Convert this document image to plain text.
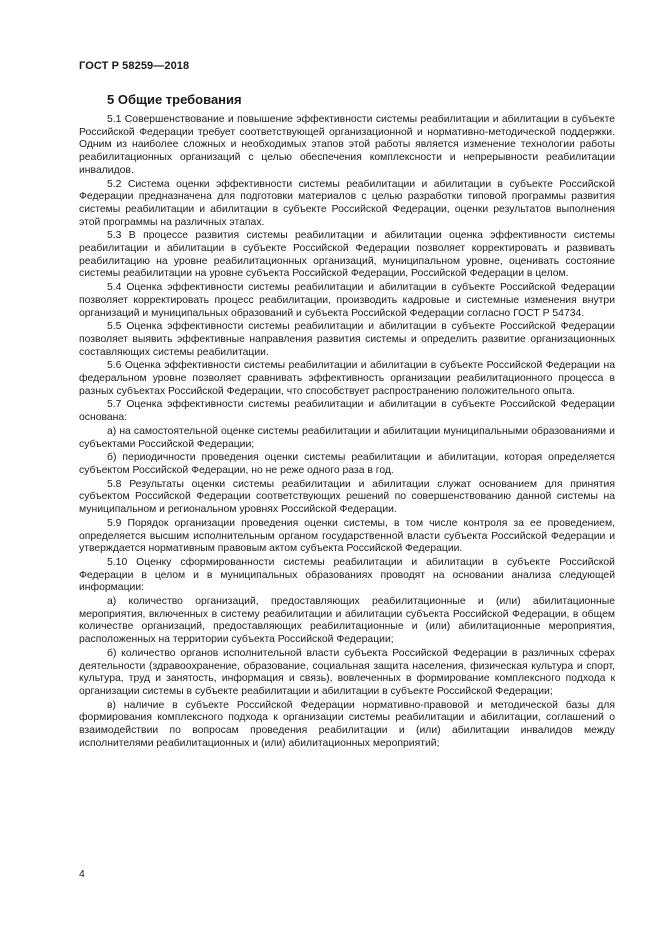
ГОСТ Р 58259—2018
5 Общие требования

5.1 Совершенствование и повышение эффективности системы реабилитации и абилитации в субъекте Российской Федерации требует соответствующей организационной и нормативно-методической поддержки. Одним из наиболее сложных и необходимых этапов этой работы является изменение технологии работы реабилитационных организаций с целью обеспечения комплексности и непрерывности реабилитации инвалидов.

5.2 Система оценки эффективности системы реабилитации и абилитации в субъекте Российской Федерации предназначена для подготовки материалов с целью разработки типовой программы развития системы реабилитации и абилитации в субъекте Российской Федерации, оценки результатов выполнения этой программы на различных этапах.

5.3 В процессе развития системы реабилитации и абилитации оценка эффективности системы реабилитации и абилитации в субъекте Российской Федерации позволяет корректировать и развивать реабилитацию на уровне реабилитационных организаций, муниципальном уровне, оценивать состояние системы реабилитации на уровне субъекта Российской Федерации, Российской Федерации в целом.

5.4 Оценка эффективности системы реабилитации и абилитации в субъекте Российской Федерации позволяет корректировать процесс реабилитации, производить кадровые и системные изменения внутри организаций и муниципальных образований и субъекта Российской Федерации согласно ГОСТ Р 54734.

5.5 Оценка эффективности системы реабилитации и абилитации в субъекте Российской Федерации позволяет выявить эффективные направления развития системы и определить развитие организационных составляющих системы реабилитации.

5.6 Оценка эффективности системы реабилитации и абилитации в субъекте Российской Федерации на федеральном уровне позволяет сравнивать эффективность организации реабилитационного процесса в разных субъектах Российской Федерации, что способствует распространению положительного опыта.

5.7 Оценка эффективности системы реабилитации и абилитации в субъекте Российской Федерации основана:

а) на самостоятельной оценке системы реабилитации и абилитации муниципальными образованиями и субъектами Российской Федерации;

б) периодичности проведения оценки системы реабилитации и абилитации, которая определяется субъектом Российской Федерации, но не реже одного раза в год.

5.8 Результаты оценки системы реабилитации и абилитации служат основанием для принятия субъектом Российской Федерации соответствующих решений по совершенствованию данной системы на муниципальном и региональном уровнях Российской Федерации.

5.9 Порядок организации проведения оценки системы, в том числе контроля за ее проведением, определяется высшим исполнительным органом государственной власти субъекта Российской Федерации и утверждается нормативным правовым актом субъекта Российской Федерации.

5.10 Оценку сформированности системы реабилитации и абилитации в субъекте Российской Федерации в целом и в муниципальных образованиях проводят на основании анализа следующей информации:

а) количество организаций, предоставляющих реабилитационные и (или) абилитационные мероприятия, включенных в систему реабилитации и абилитации субъекта Российской Федерации, в общем количестве организаций, предоставляющих реабилитационные и (или) абилитационные мероприятия, расположенных на территории субъекта Российской Федерации;

б) количество органов исполнительной власти субъекта Российской Федерации в различных сферах деятельности (здравоохранение, образование, социальная защита населения, физическая культура и спорт, культура, труд и занятость, информация и связь), вовлеченных в формирование комплексного подхода к организации системы в субъекте реабилитации и абилитации в субъекте Российской Федерации;

в) наличие в субъекте Российской Федерации нормативно-правовой и методической базы для формирования комплексного подхода к организации системы реабилитации и абилитации, соглашений о взаимодействии по вопросам проведения реабилитации и (или) абилитации инвалидов между исполнителями реабилитационных и (или) абилитационных мероприятий;

4
